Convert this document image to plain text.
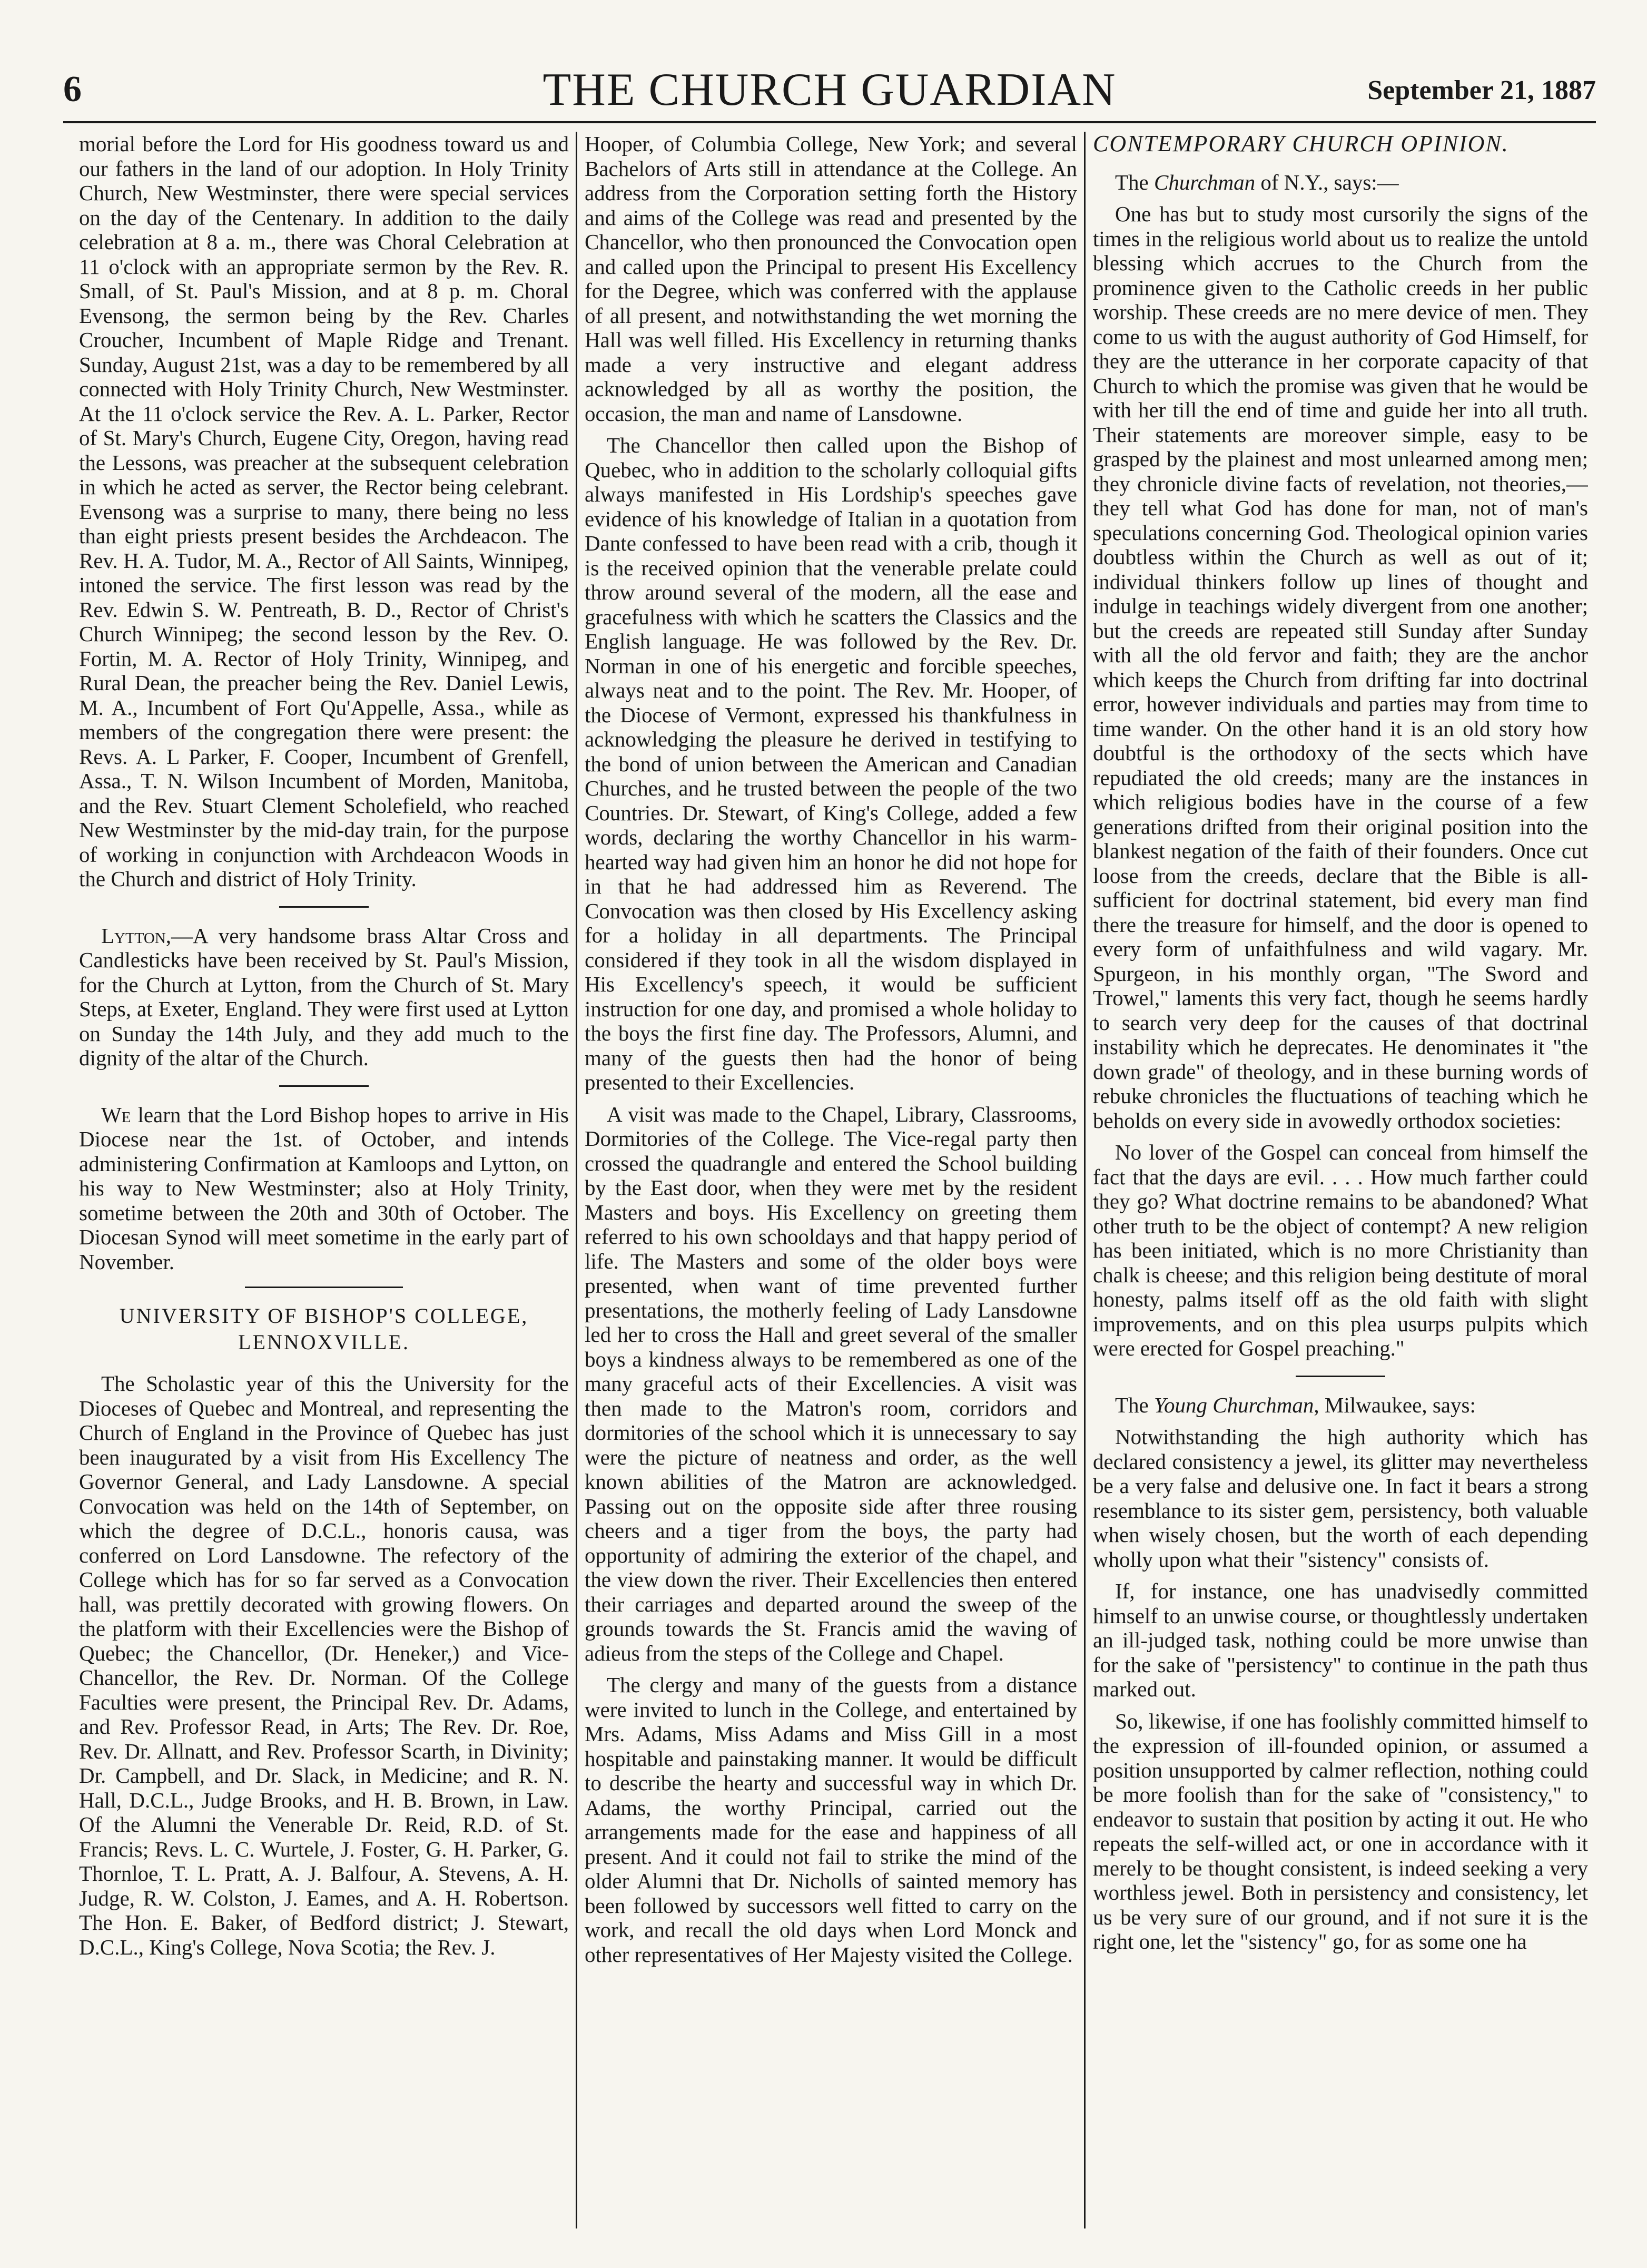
6	THE CHURCH GUARDIAN	September 21, 1887

morial before the Lord for His goodness toward us and our fathers in the land of our adoption. In Holy Trinity Church, New Westminster, there were special services on the day of the Centenary. In addition to the daily celebration at 8 a. m., there was Choral Celebration at 11 o'clock with an appropriate sermon by the Rev. R. Small, of St. Paul's Mission, and at 8 p. m. Choral Evensong, the sermon being by the Rev. Charles Croucher, Incumbent of Maple Ridge and Trenant. Sunday, August 21st, was a day to be remembered by all connected with Holy Trinity Church, New Westminster. At the 11 o'clock service the Rev. A. L. Parker, Rector of St. Mary's Church, Eugene City, Oregon, having read the Lessons, was preacher at the subsequent celebration in which he acted as server, the Rector being celebrant. Evensong was a surprise to many, there being no less than eight priests present besides the Archdeacon. The Rev. H. A. Tudor, M. A., Rector of All Saints, Winnipeg, intoned the service. The first lesson was read by the Rev. Edwin S. W. Pentreath, B. D., Rector of Christ's Church Winnipeg; the second lesson by the Rev. O. Fortin, M. A. Rector of Holy Trinity, Winnipeg, and Rural Dean, the preacher being the Rev. Daniel Lewis, M. A., Incumbent of Fort Qu'Appelle, Assa., while as members of the congregation there were present: the Revs. A. L Parker, F. Cooper, Incumbent of Grenfell, Assa., T. N. Wilson Incumbent of Morden, Manitoba, and the Rev. Stuart Clement Scholefield, who reached New Westminster by the mid-day train, for the purpose of working in conjunction with Archdeacon Woods in the Church and district of Holy Trinity.

Lytton,—A very handsome brass Altar Cross and Candlesticks have been received by St. Paul's Mission, for the Church at Lytton, from the Church of St. Mary Steps, at Exeter, England. They were first used at Lytton on Sunday the 14th July, and they add much to the dignity of the altar of the Church.

We learn that the Lord Bishop hopes to arrive in His Diocese near the 1st. of October, and intends administering Confirmation at Kamloops and Lytton, on his way to New Westminster; also at Holy Trinity, sometime between the 20th and 30th of October. The Diocesan Synod will meet sometime in the early part of November.

UNIVERSITY OF BISHOP'S COLLEGE, LENNOXVILLE.

The Scholastic year of this the University for the Dioceses of Quebec and Montreal, and representing the Church of England in the Province of Quebec has just been inaugurated by a visit from His Excellency The Governor General, and Lady Lansdowne. A special Convocation was held on the 14th of September, on which the degree of D.C.L., honoris causa, was conferred on Lord Lansdowne. The refectory of the College which has for so far served as a Convocation hall, was prettily decorated with growing flowers. On the platform with their Excellencies were the Bishop of Quebec; the Chancellor, (Dr. Heneker,) and Vice-Chancellor, the Rev. Dr. Norman. Of the College Faculties were present, the Principal Rev. Dr. Adams, and Rev. Professor Read, in Arts; The Rev. Dr. Roe, Rev. Dr. Allnatt, and Rev. Professor Scarth, in Divinity; Dr. Campbell, and Dr. Slack, in Medicine; and R. N. Hall, D.C.L., Judge Brooks, and H. B. Brown, in Law. Of the Alumni the Venerable Dr. Reid, R.D. of St. Francis; Revs. L. C. Wurtele, J. Foster, G. H. Parker, G. Thornloe, T. L. Pratt, A. J. Balfour, A. Stevens, A. H. Judge, R. W. Colston, J. Eames, and A. H. Robertson. The Hon. E. Baker, of Bedford district; J. Stewart, D.C.L., King's College, Nova Scotia; the Rev. J.

Hooper, of Columbia College, New York; and several Bachelors of Arts still in attendance at the College. An address from the Corporation setting forth the History and aims of the College was read and presented by the Chancellor, who then pronounced the Convocation open and called upon the Principal to present His Excellency for the Degree, which was conferred with the applause of all present, and notwithstanding the wet morning the Hall was well filled. His Excellency in returning thanks made a very instructive and elegant address acknowledged by all as worthy the position, the occasion, the man and name of Lansdowne.

The Chancellor then called upon the Bishop of Quebec, who in addition to the scholarly colloquial gifts always manifested in His Lordship's speeches gave evidence of his knowledge of Italian in a quotation from Dante confessed to have been read with a crib, though it is the received opinion that the venerable prelate could throw around several of the modern, all the ease and gracefulness with which he scatters the Classics and the English language. He was followed by the Rev. Dr. Norman in one of his energetic and forcible speeches, always neat and to the point. The Rev. Mr. Hooper, of the Diocese of Vermont, expressed his thankfulness in acknowledging the pleasure he derived in testifying to the bond of union between the American and Canadian Churches, and he trusted between the people of the two Countries. Dr. Stewart, of King's College, added a few words, declaring the worthy Chancellor in his warm-hearted way had given him an honor he did not hope for in that he had addressed him as Reverend. The Convocation was then closed by His Excellency asking for a holiday in all departments. The Principal considered if they took in all the wisdom displayed in His Excellency's speech, it would be sufficient instruction for one day, and promised a whole holiday to the boys the first fine day. The Professors, Alumni, and many of the guests then had the honor of being presented to their Excellencies.

A visit was made to the Chapel, Library, Classrooms, Dormitories of the College. The Vice-regal party then crossed the quadrangle and entered the School building by the East door, when they were met by the resident Masters and boys. His Excellency on greeting them referred to his own schooldays and that happy period of life. The Masters and some of the older boys were presented, when want of time prevented further presentations, the motherly feeling of Lady Lansdowne led her to cross the Hall and greet several of the smaller boys a kindness always to be remembered as one of the many graceful acts of their Excellencies. A visit was then made to the Matron's room, corridors and dormitories of the school which it is unnecessary to say were the picture of neatness and order, as the well known abilities of the Matron are acknowledged. Passing out on the opposite side after three rousing cheers and a tiger from the boys, the party had opportunity of admiring the exterior of the chapel, and the view down the river. Their Excellencies then entered their carriages and departed around the sweep of the grounds towards the St. Francis amid the waving of adieus from the steps of the College and Chapel.

The clergy and many of the guests from a distance were invited to lunch in the College, and entertained by Mrs. Adams, Miss Adams and Miss Gill in a most hospitable and painstaking manner. It would be difficult to describe the hearty and successful way in which Dr. Adams, the worthy Principal, carried out the arrangements made for the ease and happiness of all present. And it could not fail to strike the mind of the older Alumni that Dr. Nicholls of sainted memory has been followed by successors well fitted to carry on the work, and recall the old days when Lord Monck and other representatives of Her Majesty visited the College.

CONTEMPORARY CHURCH OPINION.

The Churchman of N.Y., says:—

One has but to study most cursorily the signs of the times in the religious world about us to realize the untold blessing which accrues to the Church from the prominence given to the Catholic creeds in her public worship. These creeds are no mere device of men. They come to us with the august authority of God Himself, for they are the utterance in her corporate capacity of that Church to which the promise was given that he would be with her till the end of time and guide her into all truth. Their statements are moreover simple, easy to be grasped by the plainest and most unlearned among men; they chronicle divine facts of revelation, not theories,—they tell what God has done for man, not of man's speculations concerning God. Theological opinion varies doubtless within the Church as well as out of it; individual thinkers follow up lines of thought and indulge in teachings widely divergent from one another; but the creeds are repeated still Sunday after Sunday with all the old fervor and faith; they are the anchor which keeps the Church from drifting far into doctrinal error, however individuals and parties may from time to time wander. On the other hand it is an old story how doubtful is the orthodoxy of the sects which have repudiated the old creeds; many are the instances in which religious bodies have in the course of a few generations drifted from their original position into the blankest negation of the faith of their founders. Once cut loose from the creeds, declare that the Bible is all-sufficient for doctrinal statement, bid every man find there the treasure for himself, and the door is opened to every form of unfaithfulness and wild vagary. Mr. Spurgeon, in his monthly organ, "The Sword and Trowel," laments this very fact, though he seems hardly to search very deep for the causes of that doctrinal instability which he deprecates. He denominates it "the down grade" of theology, and in these burning words of rebuke chronicles the fluctuations of teaching which he beholds on every side in avowedly orthodox societies:

No lover of the Gospel can conceal from himself the fact that the days are evil. . . . How much farther could they go? What doctrine remains to be abandoned? What other truth to be the object of contempt? A new religion has been initiated, which is no more Christianity than chalk is cheese; and this religion being destitute of moral honesty, palms itself off as the old faith with slight improvements, and on this plea usurps pulpits which were erected for Gospel preaching."

The Young Churchman, Milwaukee, says:

Notwithstanding the high authority which has declared consistency a jewel, its glitter may nevertheless be a very false and delusive one. In fact it bears a strong resemblance to its sister gem, persistency, both valuable when wisely chosen, but the worth of each depending wholly upon what their "sistency" consists of.

If, for instance, one has unadvisedly committed himself to an unwise course, or thoughtlessly undertaken an ill-judged task, nothing could be more unwise than for the sake of "persistency" to continue in the path thus marked out.

So, likewise, if one has foolishly committed himself to the expression of ill-founded opinion, or assumed a position unsupported by calmer reflection, nothing could be more foolish than for the sake of "consistency," to endeavor to sustain that position by acting it out. He who repeats the self-willed act, or one in accordance with it merely to be thought consistent, is indeed seeking a very worthless jewel. Both in persistency and consistency, let us be very sure of our ground, and if not sure it is the right one, let the "sistency" go, for as some one ha
